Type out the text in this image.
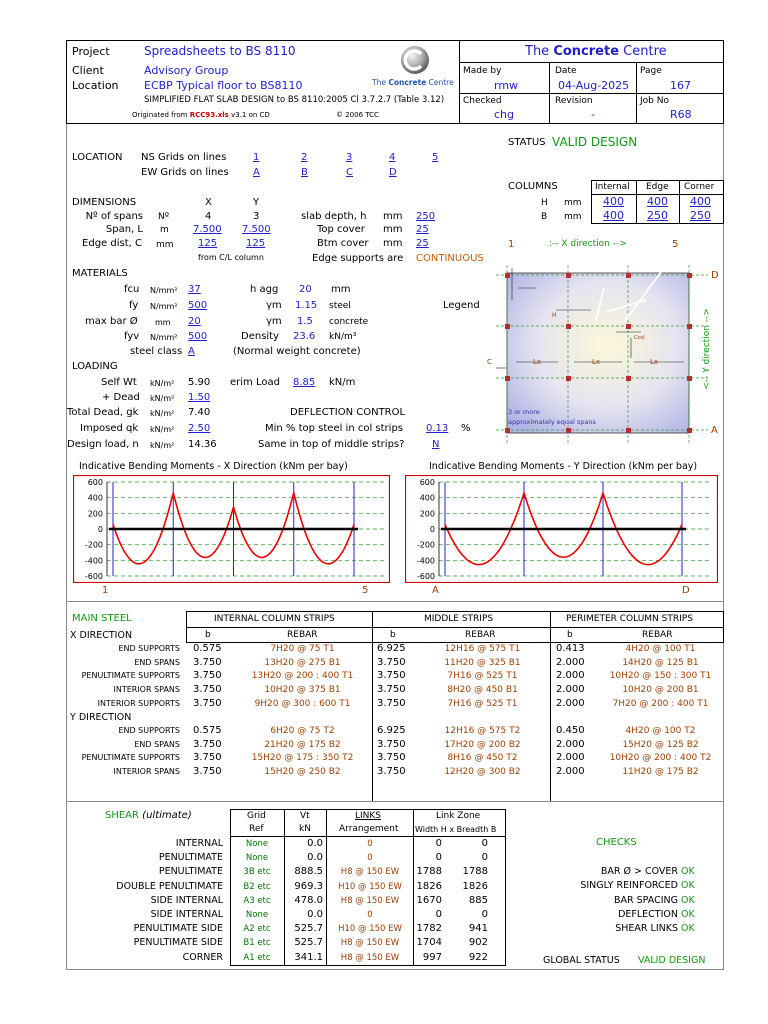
Project	Spreadsheets to BS 8110
Client	Advisory Group
Location ECBP Typical floor to BS8110
SIMPLIFIED FLAT SLAB DESIGN to BS 8110:2005 Cl 3.7.2.7 (Table 3.12)
Originated from RCC93.xls v3.1 on CD	© 2006 TCC
The Concrete Centre
The Concrete Centre
Made by
rmw
Date
04-Aug-2025
Page
167
Checked
chg
Revision
-
Job No
R68
STATUS VALID DESIGN
LOCATION NS Grids on lines	1	2	3	4	5
EW Grids on lines A	B	C	D
DIMENSIONS	X	Y
Nº of spans Nº	4	3
Span, L m 7.500 7.500
Edge dist, C mm 125	125
from C/L column
slab depth, h mm 250
Top cover mm 25
Btm cover mm 25
Edge supports are CONTINUOUS
COLUMNS	Internal Edge Corner
H mm 400 400 400
B mm 400 250 250
1	:-- X direction -->	5
D
A
<-- Y direction -->
C
H
Ccol
Lx	Lx	Lx
3 or more
approximately equal spans
MATERIALS
fcu N/mm² 37	h agg 20 mm
fy N/mm² 500	γm 1.15 steel	Legend
max bar Ø mm 20	γm 1.5 concrete
fyv N/mm² 500	Density 23.6 kN/m³
steel class A	(Normal weight concrete)
LOADING
Self Wt kN/m² 5.90 erim Load 8.85 kN/m
+ Dead kN/m² 1.50
Total Dead, gk kN/m² 7.40	DEFLECTION CONTROL
Imposed qk kN/m² 2.50	Min % top steel in col strips 0.13 %
Design load, n kN/m² 14.36	Same in top of middle strips?	N
Indicative Bending Moments - X Direction (kNm per bay)	Indicative Bending Moments - Y Direction (kNm per bay)
600
400
200
0
-200
-400
-600
600
400
200
0
-200
-400
-600
1	5	A	D
MAIN STEEL	INTERNAL COLUMN STRIPS	MIDDLE STRIPS	PERIMETER COLUMN STRIPS
X DIRECTION	b	REBAR	b	REBAR	b	REBAR
END SUPPORTS 0.575	7H20 @ 75 T1	6.925	12H16 @ 575 T1	0.413	4H20 @ 100 T1
END SPANS 3.750	13H20 @ 275 B1	3.750	11H20 @ 325 B1	2.000	14H20 @ 125 B1
PENULTIMATE SUPPORTS 3.750	13H20 @ 200 : 400 T1	3.750	7H16 @ 525 T1	2.000	10H20 @ 150 : 300 T1
INTERIOR SPANS 3.750	10H20 @ 375 B1	3.750	8H20 @ 450 B1	2.000	10H20 @ 200 B1
INTERIOR SUPPORTS 3.750	9H20 @ 300 : 600 T1	3.750	7H16 @ 525 T1	2.000	7H20 @ 200 : 400 T1
Y DIRECTION
END SUPPORTS 0.575	6H20 @ 75 T2	6.925	12H16 @ 575 T2	0.450	4H20 @ 100 T2
END SPANS 3.750	21H20 @ 175 B2	3.750	17H20 @ 200 B2	2.000	15H20 @ 125 B2
PENULTIMATE SUPPORTS 3.750	15H20 @ 175 : 350 T2	3.750	8H16 @ 450 T2	2.000	10H20 @ 200 : 400 T2
INTERIOR SPANS 3.750	15H20 @ 250 B2	3.750	12H20 @ 300 B2	2.000	11H20 @ 175 B2
SHEAR (ultimate)	Grid
Ref
Vt
kN
LINKS
Arrangement
Link Zone
Width H x Breadth B
INTERNAL	None	0.0	0	0	0
PENULTIMATE	None	0.0	0	0	0
PENULTIMATE	3B etc	888.5	H8 @ 150 EW	1788 1788
DOUBLE PENULTIMATE	B2 etc	969.3	H10 @ 150 EW	1826 1826
SIDE INTERNAL	A3 etc	478.0	H8 @ 150 EW	1670	885
SIDE INTERNAL	None	0.0	0	0	0
PENULTIMATE SIDE	A2 etc	525.7	H10 @ 150 EW	1782	941
PENULTIMATE SIDE	B1 etc	525.7	H8 @ 150 EW	1704	902
CORNER	A1 etc	341.1	H8 @ 150 EW	997	922
CHECKS
BAR Ø > COVER OK
SINGLY REINFORCED OK
BAR SPACING OK
DEFLECTION OK
SHEAR LINKS OK
GLOBAL STATUS VALID DESIGN
